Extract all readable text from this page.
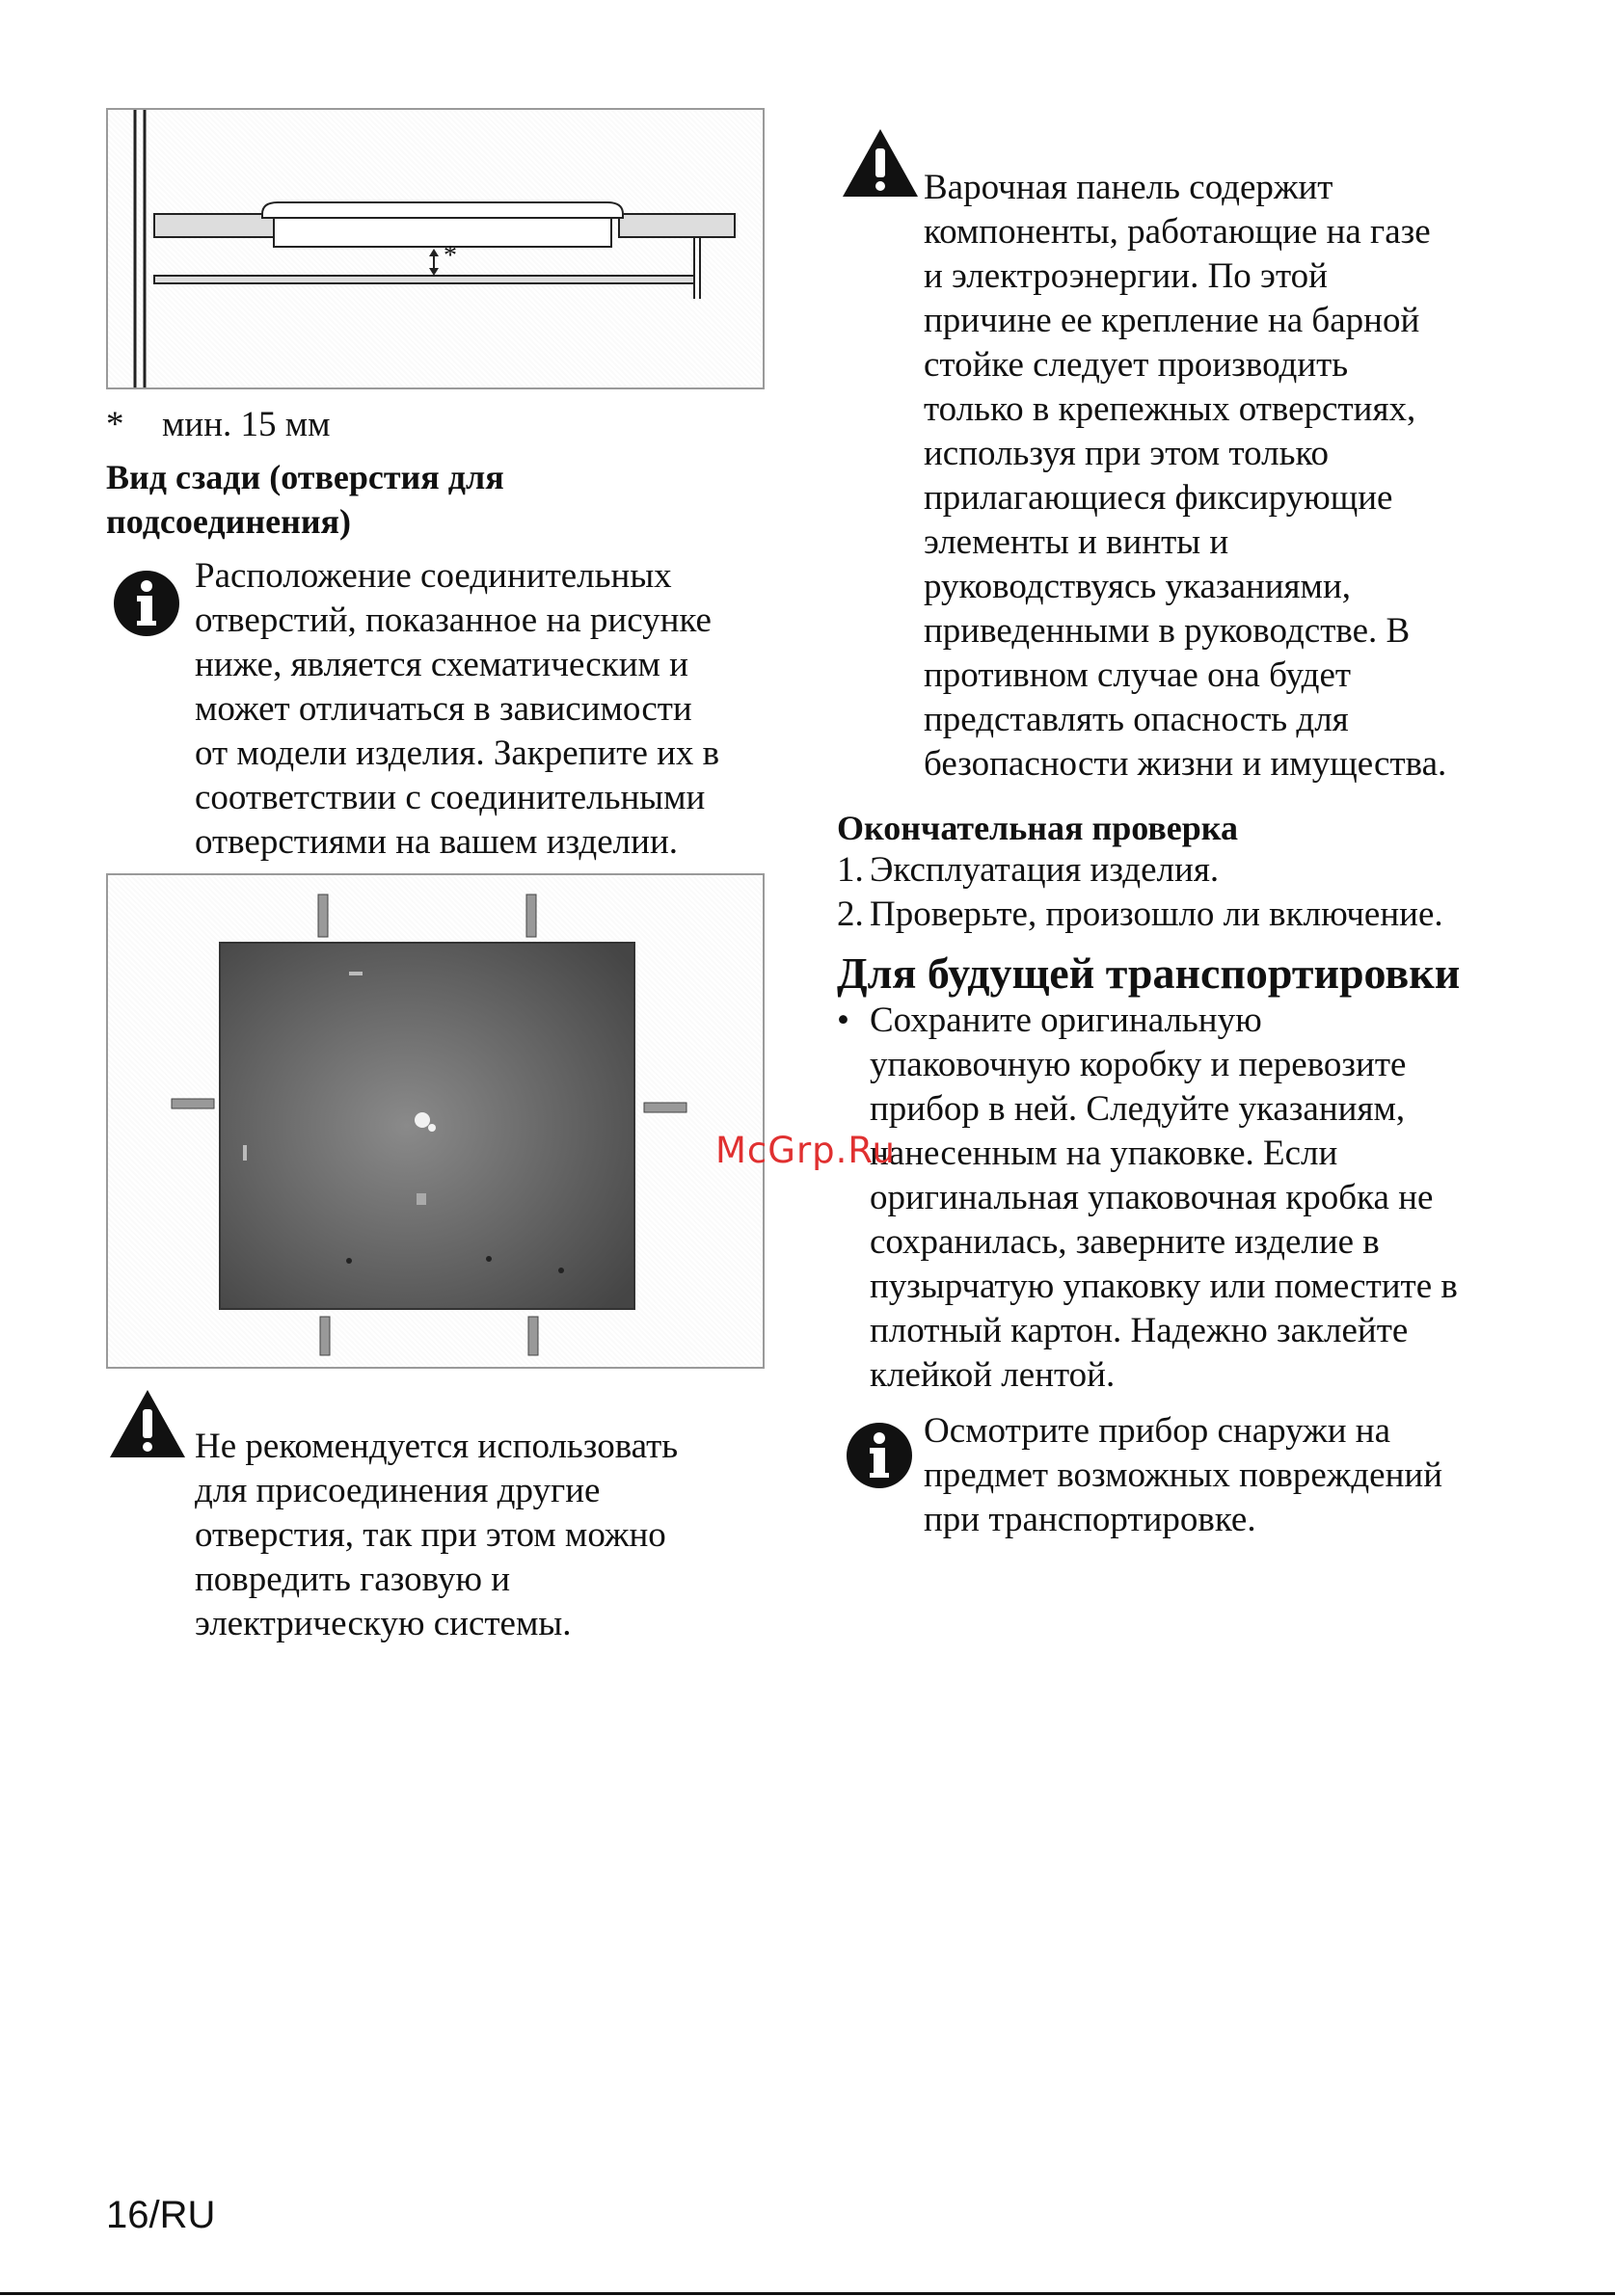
*
* мин. 15 мм
Вид сзади (отверстия для
подсоединения)
Расположение соединительных
отверстий, показанное на рисунке
ниже, является схематическим и
может отличаться в зависимости
от модели изделия. Закрепите их в
соответствии с соединительными
отверстиями на вашем изделии.
Не рекомендуется использовать
для присоединения другие
отверстия, так при этом можно
повредить газовую и
электрическую системы.
Варочная панель содержит
компоненты, работающие на газе
и электроэнергии. По этой
причине ее крепление на барной
стойке следует производить
только в крепежных отверстиях,
используя при этом только
прилагающиеся фиксирующие
элементы и винты и
руководствуясь указаниями,
приведенными в руководстве. В
противном случае она будет
представлять опасность для
безопасности жизни и имущества.
Окончательная проверка
1. Эксплуатация изделия.
2. Проверьте, произошло ли включение.
Для будущей транспортировки
• Сохраните оригинальную
упаковочную коробку и перевозите
прибор в ней. Следуйте указаниям,
нанесенным на упаковке. Если
оригинальная упаковочная кробка не
сохранилась, заверните изделие в
пузырчатую упаковку или поместите в
плотный картон. Надежно заклейте
клейкой лентой.
Осмотрите прибор снаружи на
предмет возможных повреждений
при транспортировке.
McGrp.Ru
16/RU
